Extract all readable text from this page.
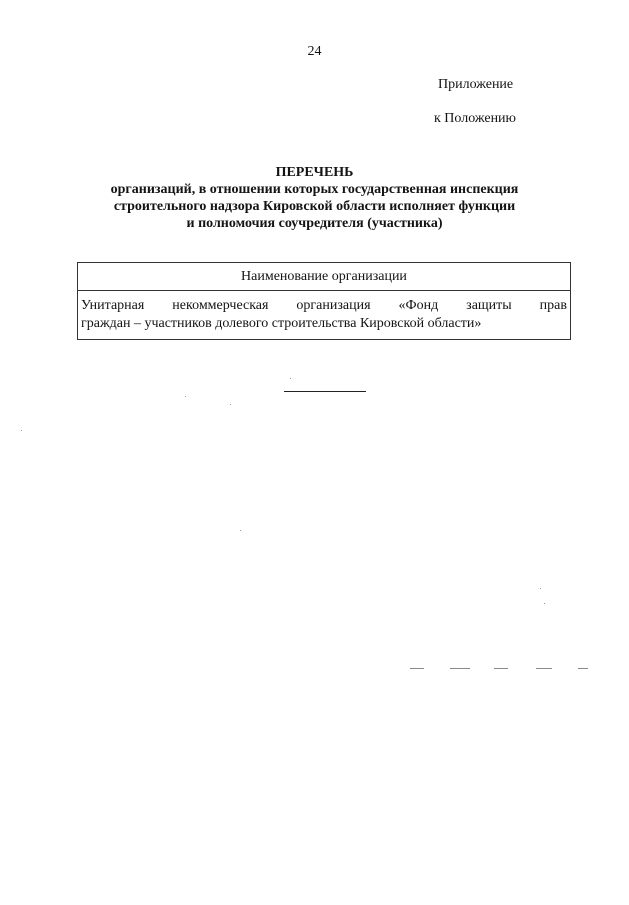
24
Приложение
к Положению
ПЕРЕЧЕНЬ
организаций, в отношении которых государственная инспекция
строительного надзора Кировской области исполняет функции
и полномочия соучредителя (участника)
Наименование организации

Унитарная некоммерческая организация «Фонд защиты прав
граждан – участников долевого строительства Кировской области»
